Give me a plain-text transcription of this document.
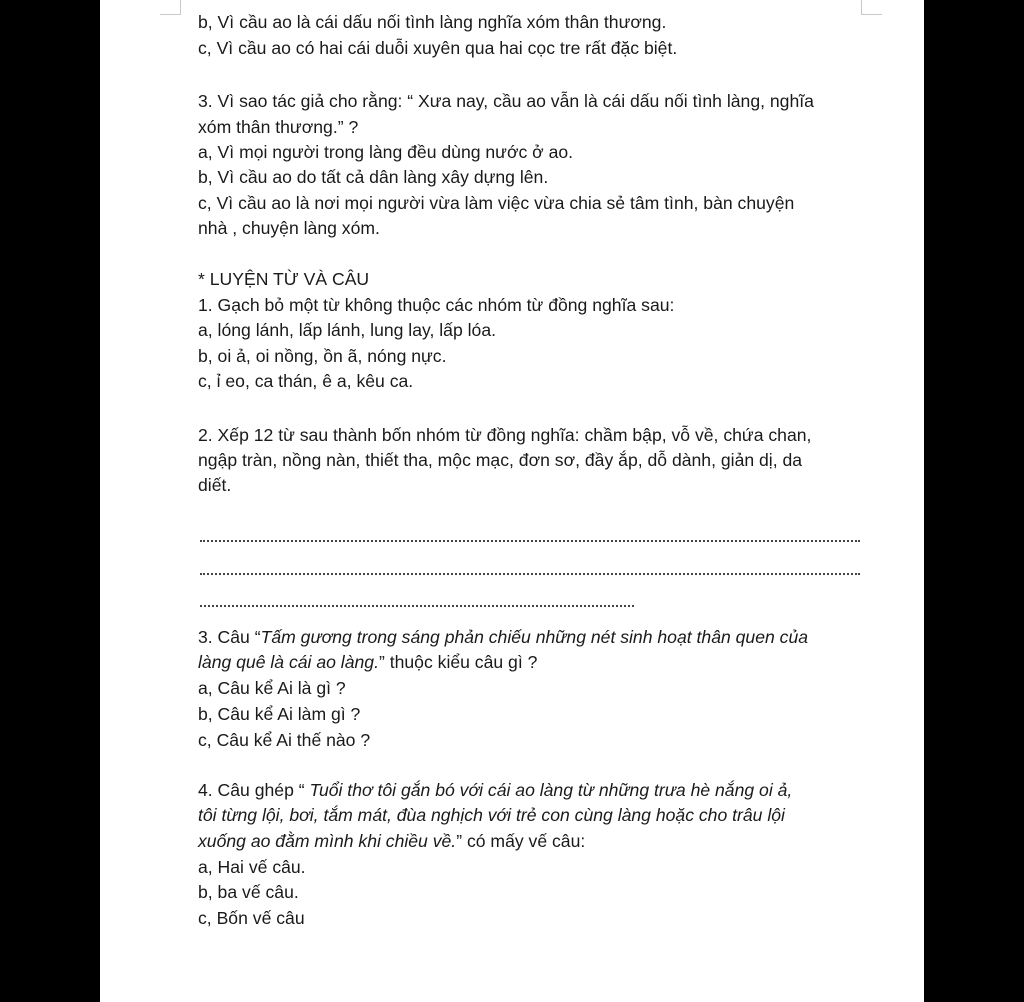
b, Vì cầu ao là cái dấu nối tình làng nghĩa xóm thân thương.
c, Vì cầu ao có hai cái duỗi xuyên qua hai cọc tre rất đặc biệt.
3. Vì sao tác giả cho rằng: “ Xưa nay, cầu ao vẫn là cái dấu nối tình làng, nghĩa
xóm thân thương.” ?
a, Vì mọi người trong làng đều dùng nước ở ao.
b, Vì cầu ao do tất cả dân làng xây dựng lên.
c, Vì cầu ao là nơi mọi người vừa làm việc vừa chia sẻ tâm tình, bàn chuyện
nhà , chuyện làng xóm.
* LUYỆN TỪ VÀ CÂU
1. Gạch bỏ một từ không thuộc các nhóm từ đồng nghĩa sau:
a, lóng lánh, lấp lánh, lung lay, lấp lóa.
b, oi ả, oi nồng, ồn ã, nóng nực.
c, ỉ eo, ca thán, ê a, kêu ca.
2. Xếp 12 từ sau thành bốn nhóm từ đồng nghĩa: chầm bập, vỗ về, chứa chan,
ngập tràn, nồng nàn, thiết tha, mộc mạc, đơn sơ, đầy ắp, dỗ dành, giản dị, da
diết.
3. Câu “Tấm gương trong sáng phản chiếu những nét sinh hoạt thân quen của
làng quê là cái ao làng.” thuộc kiểu câu gì ?
a, Câu kể Ai là gì ?
b, Câu kể Ai làm gì ?
c, Câu kể Ai thế nào ?
4. Câu ghép “ Tuổi thơ tôi gắn bó với cái ao làng từ những trưa hè nắng oi ả,
tôi từng lội, bơi, tắm mát, đùa nghịch với trẻ con cùng làng hoặc cho trâu lội
xuống ao đằm mình khi chiều về.” có mấy vế câu:
a, Hai vế câu.
b, ba vế câu.
c, Bốn vế câu
